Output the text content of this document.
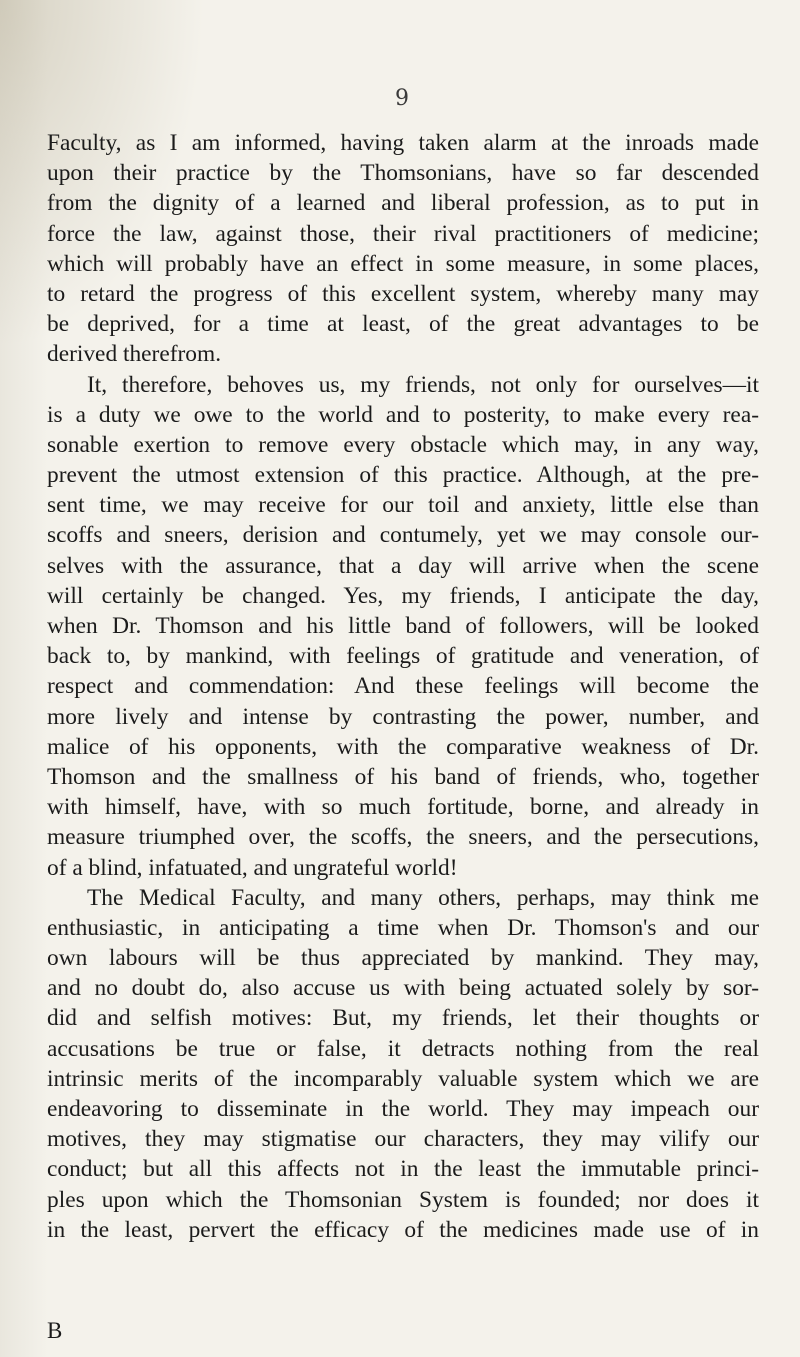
9
Faculty, as I am informed, having taken alarm at the inroads made
upon their practice by the Thomsonians, have so far descended
from the dignity of a learned and liberal profession, as to put in
force the law, against those, their rival practitioners of medicine;
which will probably have an effect in some measure, in some places,
to retard the progress of this excellent system, whereby many may
be deprived, for a time at least, of the great advantages to be
derived therefrom.
It, therefore, behoves us, my friends, not only for ourselves—it
is a duty we owe to the world and to posterity, to make every rea-
sonable exertion to remove every obstacle which may, in any way,
prevent the utmost extension of this practice. Although, at the pre-
sent time, we may receive for our toil and anxiety, little else than
scoffs and sneers, derision and contumely, yet we may console our-
selves with the assurance, that a day will arrive when the scene
will certainly be changed. Yes, my friends, I anticipate the day,
when Dr. Thomson and his little band of followers, will be looked
back to, by mankind, with feelings of gratitude and veneration, of
respect and commendation: And these feelings will become the
more lively and intense by contrasting the power, number, and
malice of his opponents, with the comparative weakness of Dr.
Thomson and the smallness of his band of friends, who, together
with himself, have, with so much fortitude, borne, and already in
measure triumphed over, the scoffs, the sneers, and the persecutions,
of a blind, infatuated, and ungrateful world!
The Medical Faculty, and many others, perhaps, may think me
enthusiastic, in anticipating a time when Dr. Thomson's and our
own labours will be thus appreciated by mankind. They may,
and no doubt do, also accuse us with being actuated solely by sor-
did and selfish motives: But, my friends, let their thoughts or
accusations be true or false, it detracts nothing from the real
intrinsic merits of the incomparably valuable system which we are
endeavoring to disseminate in the world. They may impeach our
motives, they may stigmatise our characters, they may vilify our
conduct; but all this affects not in the least the immutable princi-
ples upon which the Thomsonian System is founded; nor does it
in the least, pervert the efficacy of the medicines made use of in
B
